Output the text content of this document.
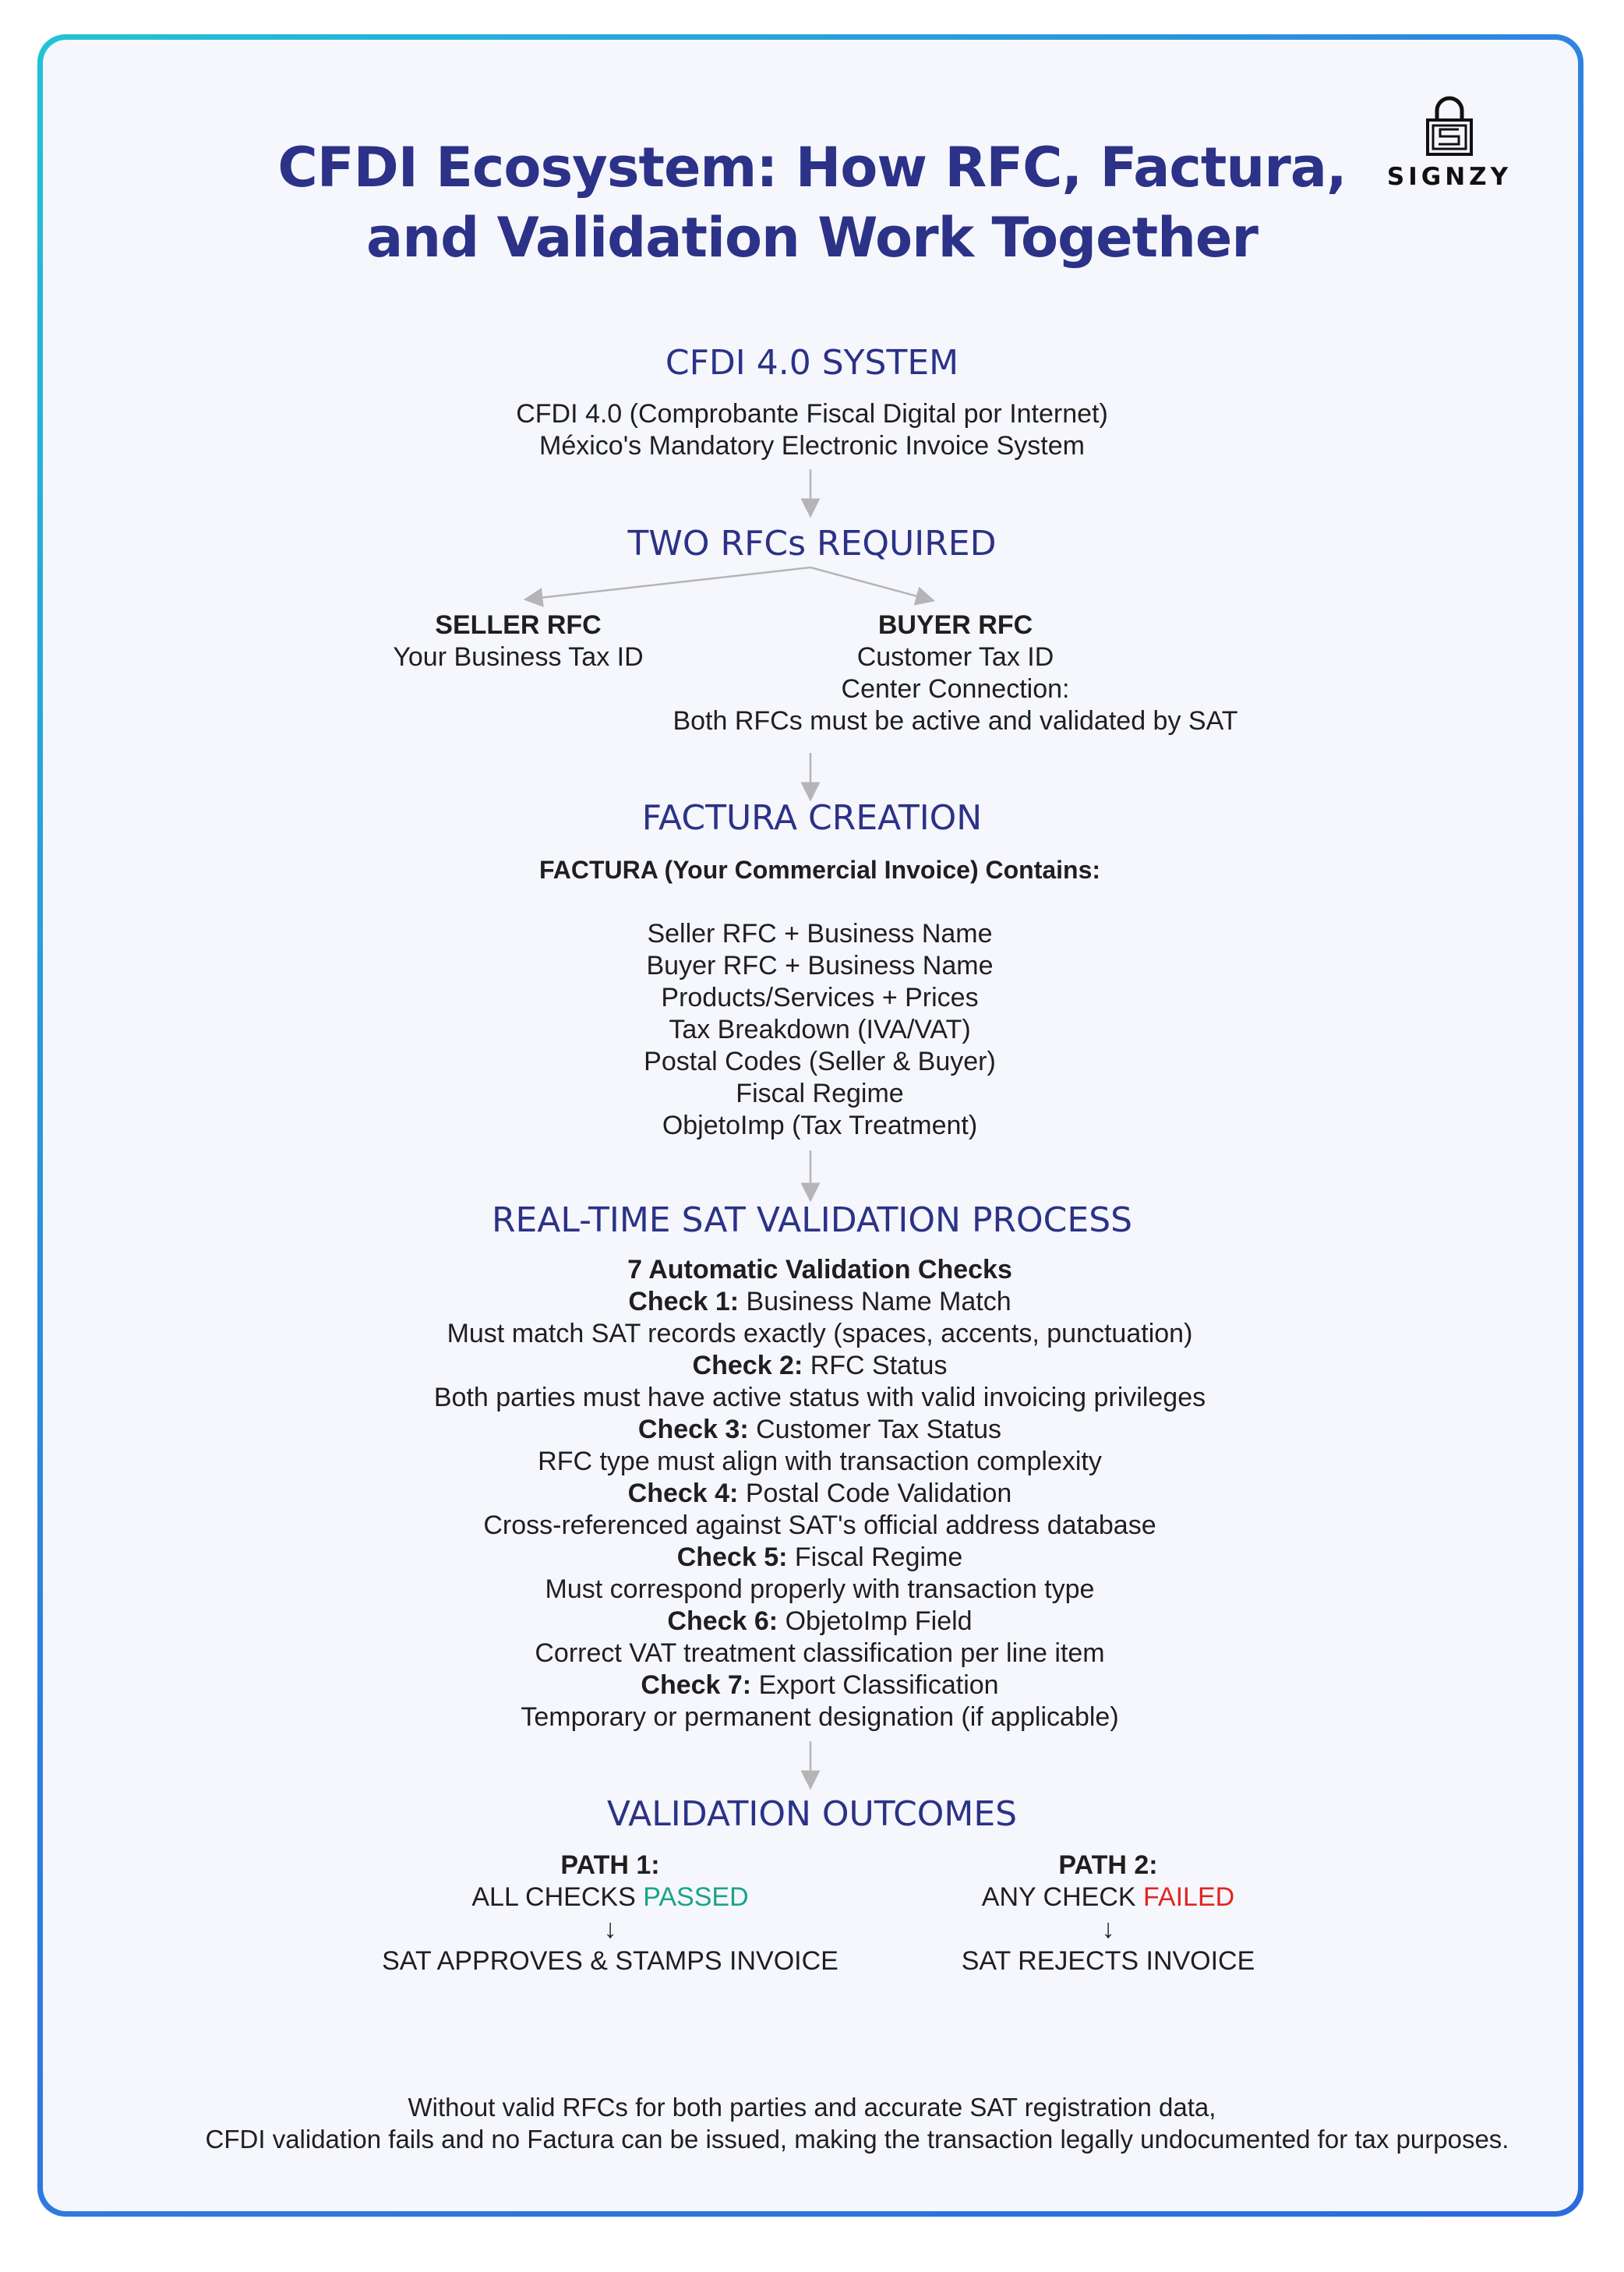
CFDI Ecosystem: How RFC, Factura,
and Validation Work Together
SIGNZY
CFDI 4.0 SYSTEM
CFDI 4.0 (Comprobante Fiscal Digital por Internet)
México's Mandatory Electronic Invoice System
TWO RFCs REQUIRED
SELLER RFC
Your Business Tax ID
BUYER RFC
Customer Tax ID
Center Connection:
Both RFCs must be active and validated by SAT
FACTURA CREATION
FACTURA (Your Commercial Invoice) Contains:
Seller RFC + Business Name
Buyer RFC + Business Name
Products/Services + Prices
Tax Breakdown (IVA/VAT)
Postal Codes (Seller & Buyer)
Fiscal Regime
ObjetoImp (Tax Treatment)
REAL-TIME SAT VALIDATION PROCESS
7 Automatic Validation Checks
Check 1: Business Name Match
Must match SAT records exactly (spaces, accents, punctuation)
Check 2: RFC Status
Both parties must have active status with valid invoicing privileges
Check 3: Customer Tax Status
RFC type must align with transaction complexity
Check 4: Postal Code Validation
Cross-referenced against SAT's official address database
Check 5: Fiscal Regime
Must correspond properly with transaction type
Check 6: ObjetoImp Field
Correct VAT treatment classification per line item
Check 7: Export Classification
Temporary or permanent designation (if applicable)
VALIDATION OUTCOMES
PATH 1:
ALL CHECKS PASSED
↓
SAT APPROVES & STAMPS INVOICE
PATH 2:
ANY CHECK FAILED
↓
SAT REJECTS INVOICE
Without valid RFCs for both parties and accurate SAT registration data,
CFDI validation fails and no Factura can be issued, making the transaction legally undocumented for tax purposes.
